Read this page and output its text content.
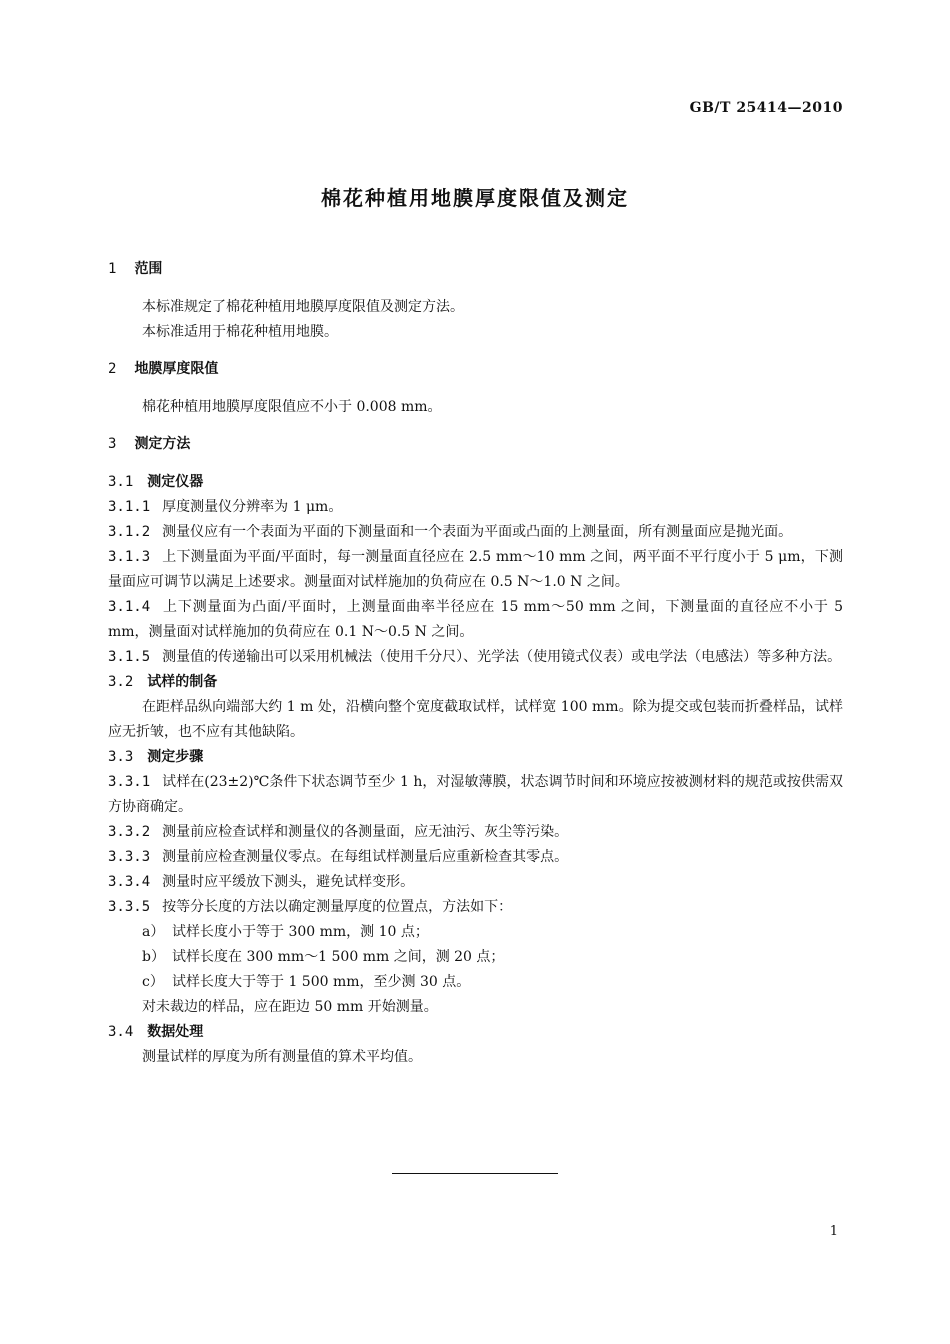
GB/T 25414—2010
棉花种植用地膜厚度限值及测定
1 范围
本标准规定了棉花种植用地膜厚度限值及测定方法。
本标准适用于棉花种植用地膜。
2 地膜厚度限值
棉花种植用地膜厚度限值应不小于 0.008 mm。
3 测定方法
3.1 测定仪器
3.1.1 厚度测量仪分辨率为 1 μm。
3.1.2 测量仪应有一个表面为平面的下测量面和一个表面为平面或凸面的上测量面，所有测量面应是抛光面。
3.1.3 上下测量面为平面/平面时，每一测量面直径应在 2.5 mm～10 mm 之间，两平面不平行度小于 5 μm，下测量面应可调节以满足上述要求。测量面对试样施加的负荷应在 0.5 N～1.0 N 之间。
3.1.4 上下测量面为凸面/平面时，上测量面曲率半径应在 15 mm～50 mm 之间，下测量面的直径应不小于 5 mm，测量面对试样施加的负荷应在 0.1 N～0.5 N 之间。
3.1.5 测量值的传递输出可以采用机械法（使用千分尺）、光学法（使用镜式仪表）或电学法（电感法）等多种方法。
3.2 试样的制备
在距样品纵向端部大约 1 m 处，沿横向整个宽度截取试样，试样宽 100 mm。除为提交或包装而折叠样品，试样应无折皱，也不应有其他缺陷。
3.3 测定步骤
3.3.1 试样在(23±2)℃条件下状态调节至少 1 h，对湿敏薄膜，状态调节时间和环境应按被测材料的规范或按供需双方协商确定。
3.3.2 测量前应检查试样和测量仪的各测量面，应无油污、灰尘等污染。
3.3.3 测量前应检查测量仪零点。在每组试样测量后应重新检查其零点。
3.3.4 测量时应平缓放下测头，避免试样变形。
3.3.5 按等分长度的方法以确定测量厚度的位置点，方法如下：
a） 试样长度小于等于 300 mm，测 10 点；
b） 试样长度在 300 mm～1 500 mm 之间，测 20 点；
c） 试样长度大于等于 1 500 mm，至少测 30 点。
对未裁边的样品，应在距边 50 mm 开始测量。
3.4 数据处理
测量试样的厚度为所有测量值的算术平均值。
1
